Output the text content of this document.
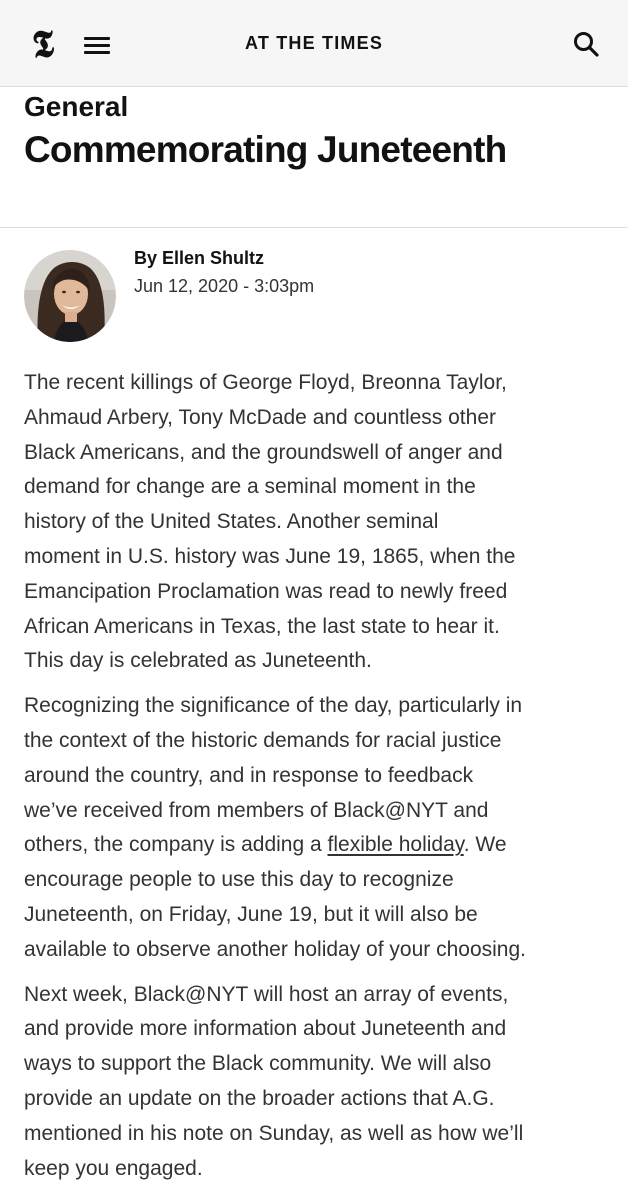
𝕿	AT THE TIMES
General
Commemorating Juneteenth
By Ellen Shultz
Jun 12, 2020 - 3:03pm

The recent killings of George Floyd, Breonna Taylor,
Ahmaud Arbery, Tony McDade and countless other
Black Americans, and the groundswell of anger and
demand for change are a seminal moment in the
history of the United States. Another seminal
moment in U.S. history was June 19, 1865, when the
Emancipation Proclamation was read to newly freed
African Americans in Texas, the last state to hear it.
This day is celebrated as Juneteenth.

Recognizing the significance of the day, particularly in
the context of the historic demands for racial justice
around the country, and in response to feedback
we’ve received from members of Black@NYT and
others, the company is adding a flexible holiday. We
encourage people to use this day to recognize
Juneteenth, on Friday, June 19, but it will also be
available to observe another holiday of your choosing.

Next week, Black@NYT will host an array of events,
and provide more information about Juneteenth and
ways to support the Black community. We will also
provide an update on the broader actions that A.G.
mentioned in his note on Sunday, as well as how we’ll
keep you engaged.
